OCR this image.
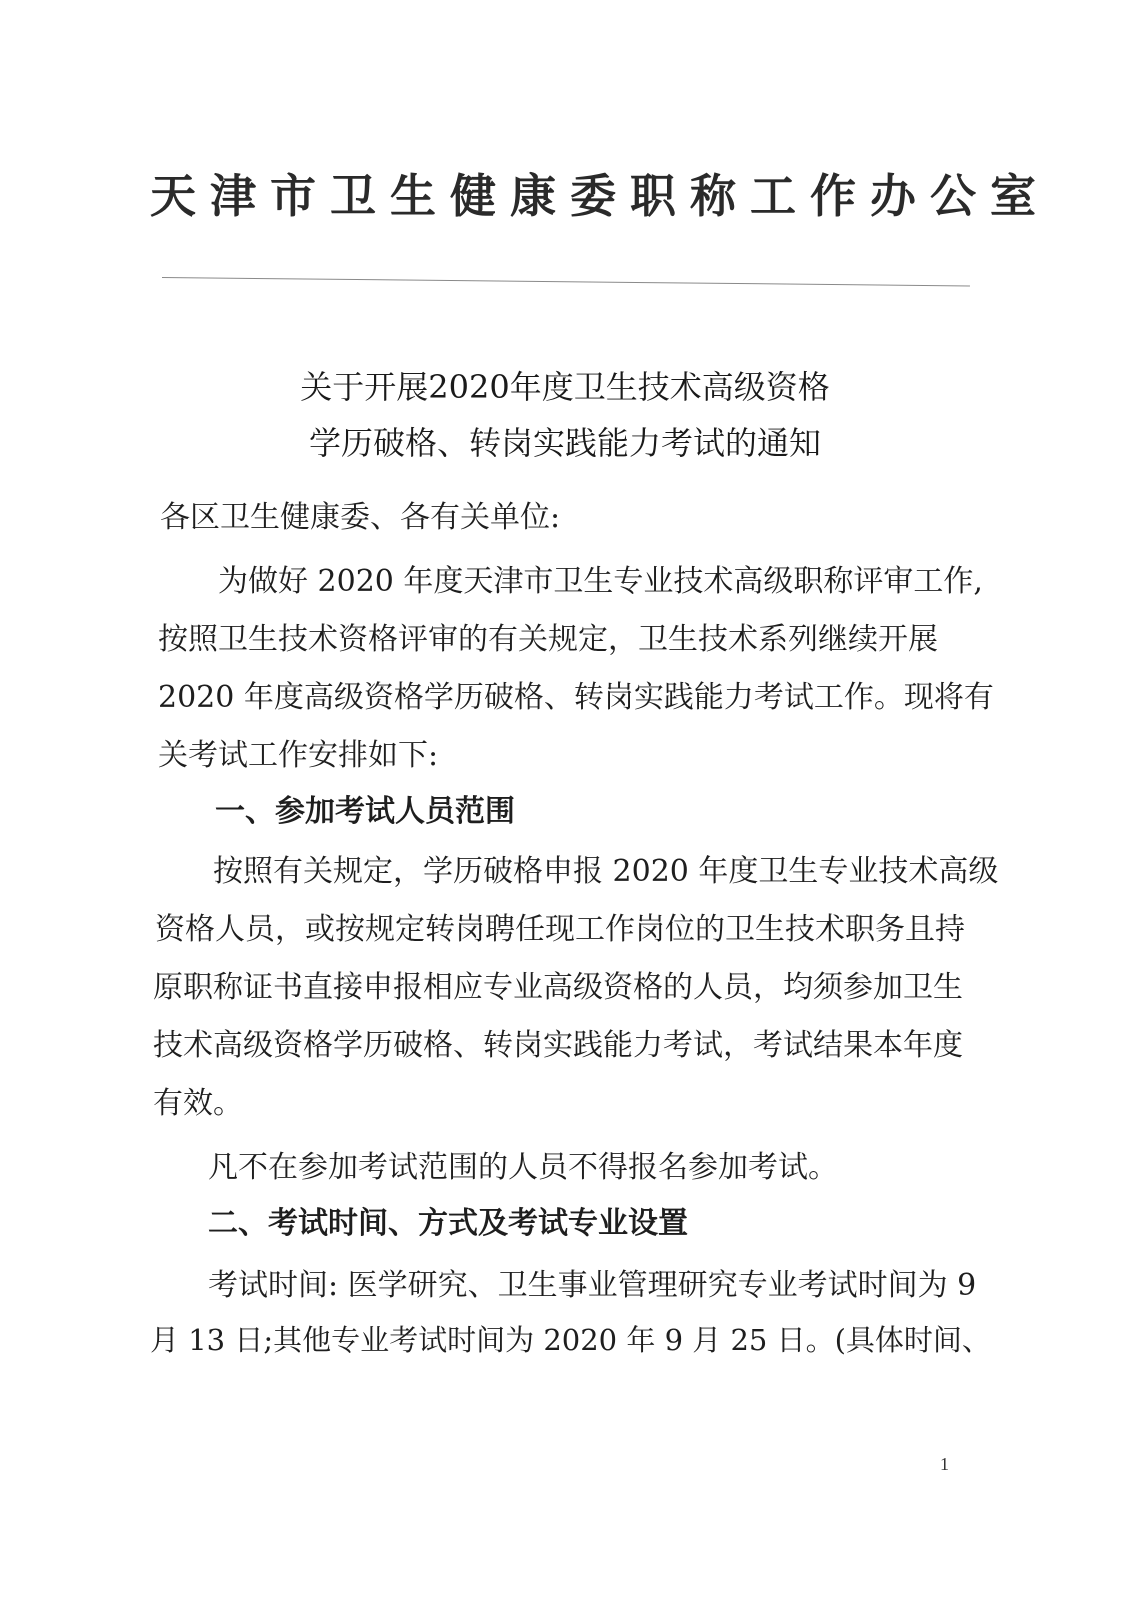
天津市卫生健康委职称工作办公室
关于开展2020年度卫生技术高级资格
学历破格、转岗实践能力考试的通知
各区卫生健康委、各有关单位:
为做好 2020 年度天津市卫生专业技术高级职称评审工作,
按照卫生技术资格评审的有关规定，卫生技术系列继续开展
2020 年度高级资格学历破格、转岗实践能力考试工作。现将有
关考试工作安排如下:
一、参加考试人员范围
按照有关规定，学历破格申报 2020 年度卫生专业技术高级
资格人员，或按规定转岗聘任现工作岗位的卫生技术职务且持
原职称证书直接申报相应专业高级资格的人员，均须参加卫生
技术高级资格学历破格、转岗实践能力考试，考试结果本年度
有效。
凡不在参加考试范围的人员不得报名参加考试。
二、考试时间、方式及考试专业设置
考试时间: 医学研究、卫生事业管理研究专业考试时间为 9
月 13 日;其他专业考试时间为 2020 年 9 月 25 日。(具体时间、
1
